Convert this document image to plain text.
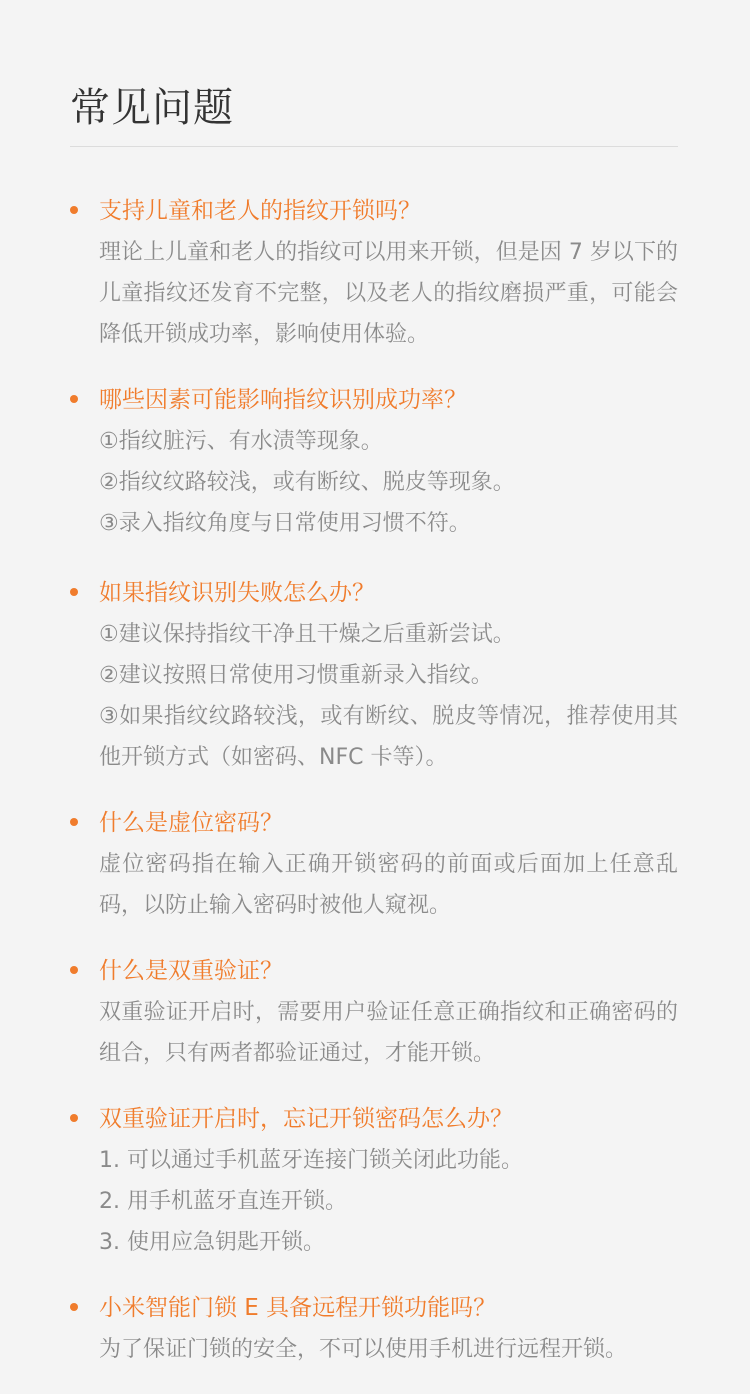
常见问题

支持儿童和老人的指纹开锁吗？

理论上儿童和老人的指纹可以用来开锁，但是因 7 岁以下的儿童指纹还发育不完整，以及老人的指纹磨损严重，可能会降低开锁成功率，影响使用体验。

哪些因素可能影响指纹识别成功率？

①指纹脏污、有水渍等现象。

②指纹纹路较浅，或有断纹、脱皮等现象。

③录入指纹角度与日常使用习惯不符。

如果指纹识别失败怎么办？

①建议保持指纹干净且干燥之后重新尝试。

②建议按照日常使用习惯重新录入指纹。

③如果指纹纹路较浅，或有断纹、脱皮等情况，推荐使用其他开锁方式（如密码、NFC 卡等）。

什么是虚位密码？

虚位密码指在输入正确开锁密码的前面或后面加上任意乱码，以防止输入密码时被他人窥视。

什么是双重验证？

双重验证开启时，需要用户验证任意正确指纹和正确密码的组合，只有两者都验证通过，才能开锁。

双重验证开启时，忘记开锁密码怎么办？

1. 可以通过手机蓝牙连接门锁关闭此功能。

2. 用手机蓝牙直连开锁。

3. 使用应急钥匙开锁。

小米智能门锁 E 具备远程开锁功能吗？

为了保证门锁的安全，不可以使用手机进行远程开锁。
